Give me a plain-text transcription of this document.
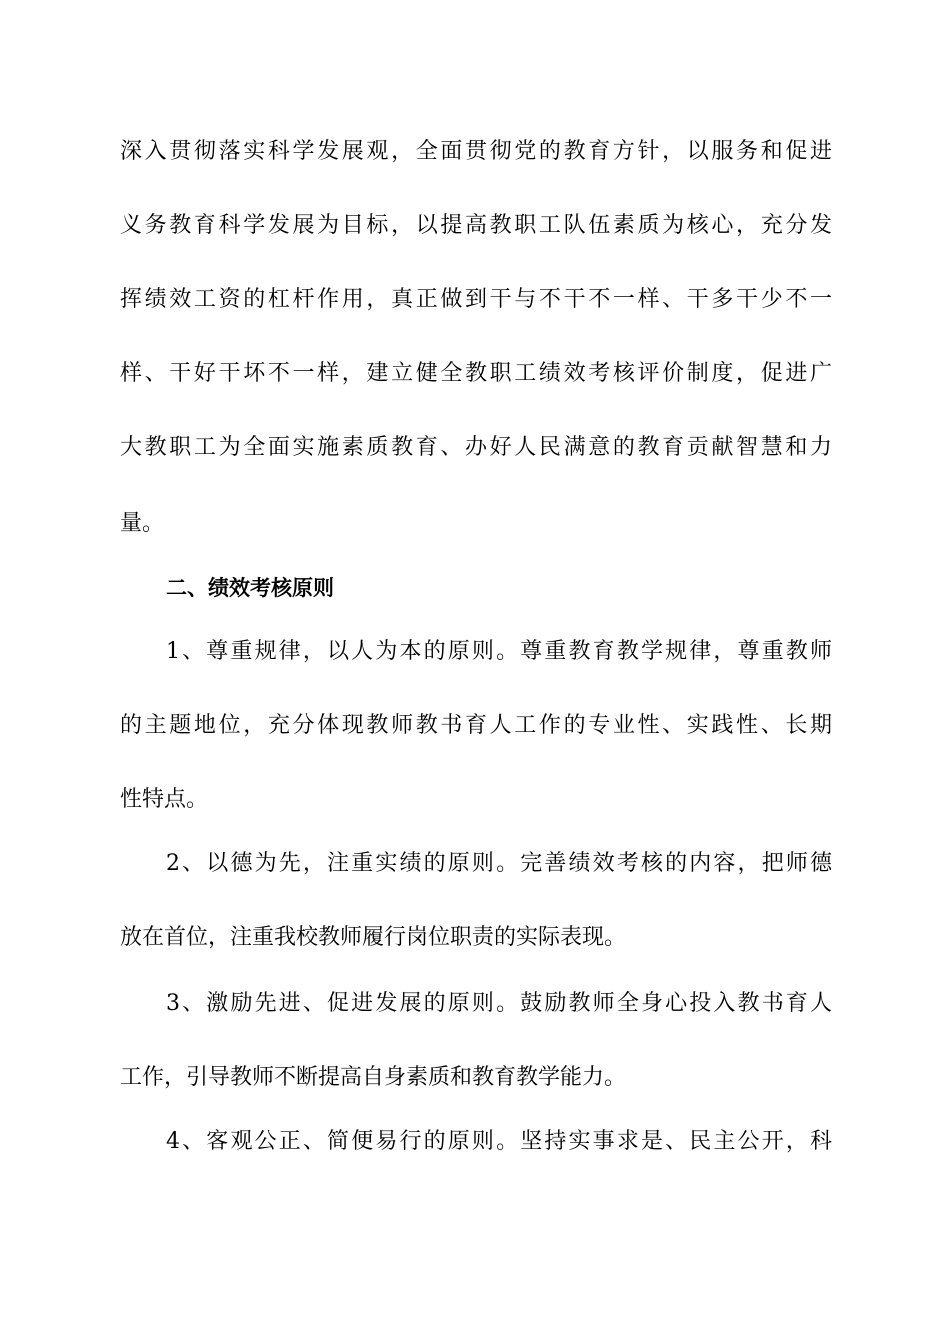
深入贯彻落实科学发展观，全面贯彻党的教育方针，以服务和促进
义务教育科学发展为目标，以提高教职工队伍素质为核心，充分发
挥绩效工资的杠杆作用，真正做到干与不干不一样、干多干少不一
样、干好干坏不一样，建立健全教职工绩效考核评价制度，促进广
大教职工为全面实施素质教育、办好人民满意的教育贡献智慧和力
量。
二、绩效考核原则
1、尊重规律，以人为本的原则。尊重教育教学规律，尊重教师
的主题地位，充分体现教师教书育人工作的专业性、实践性、长期
性特点。
2、以德为先，注重实绩的原则。完善绩效考核的内容，把师德
放在首位，注重我校教师履行岗位职责的实际表现。
3、激励先进、促进发展的原则。鼓励教师全身心投入教书育人
工作，引导教师不断提高自身素质和教育教学能力。
4、客观公正、简便易行的原则。坚持实事求是、民主公开，科
